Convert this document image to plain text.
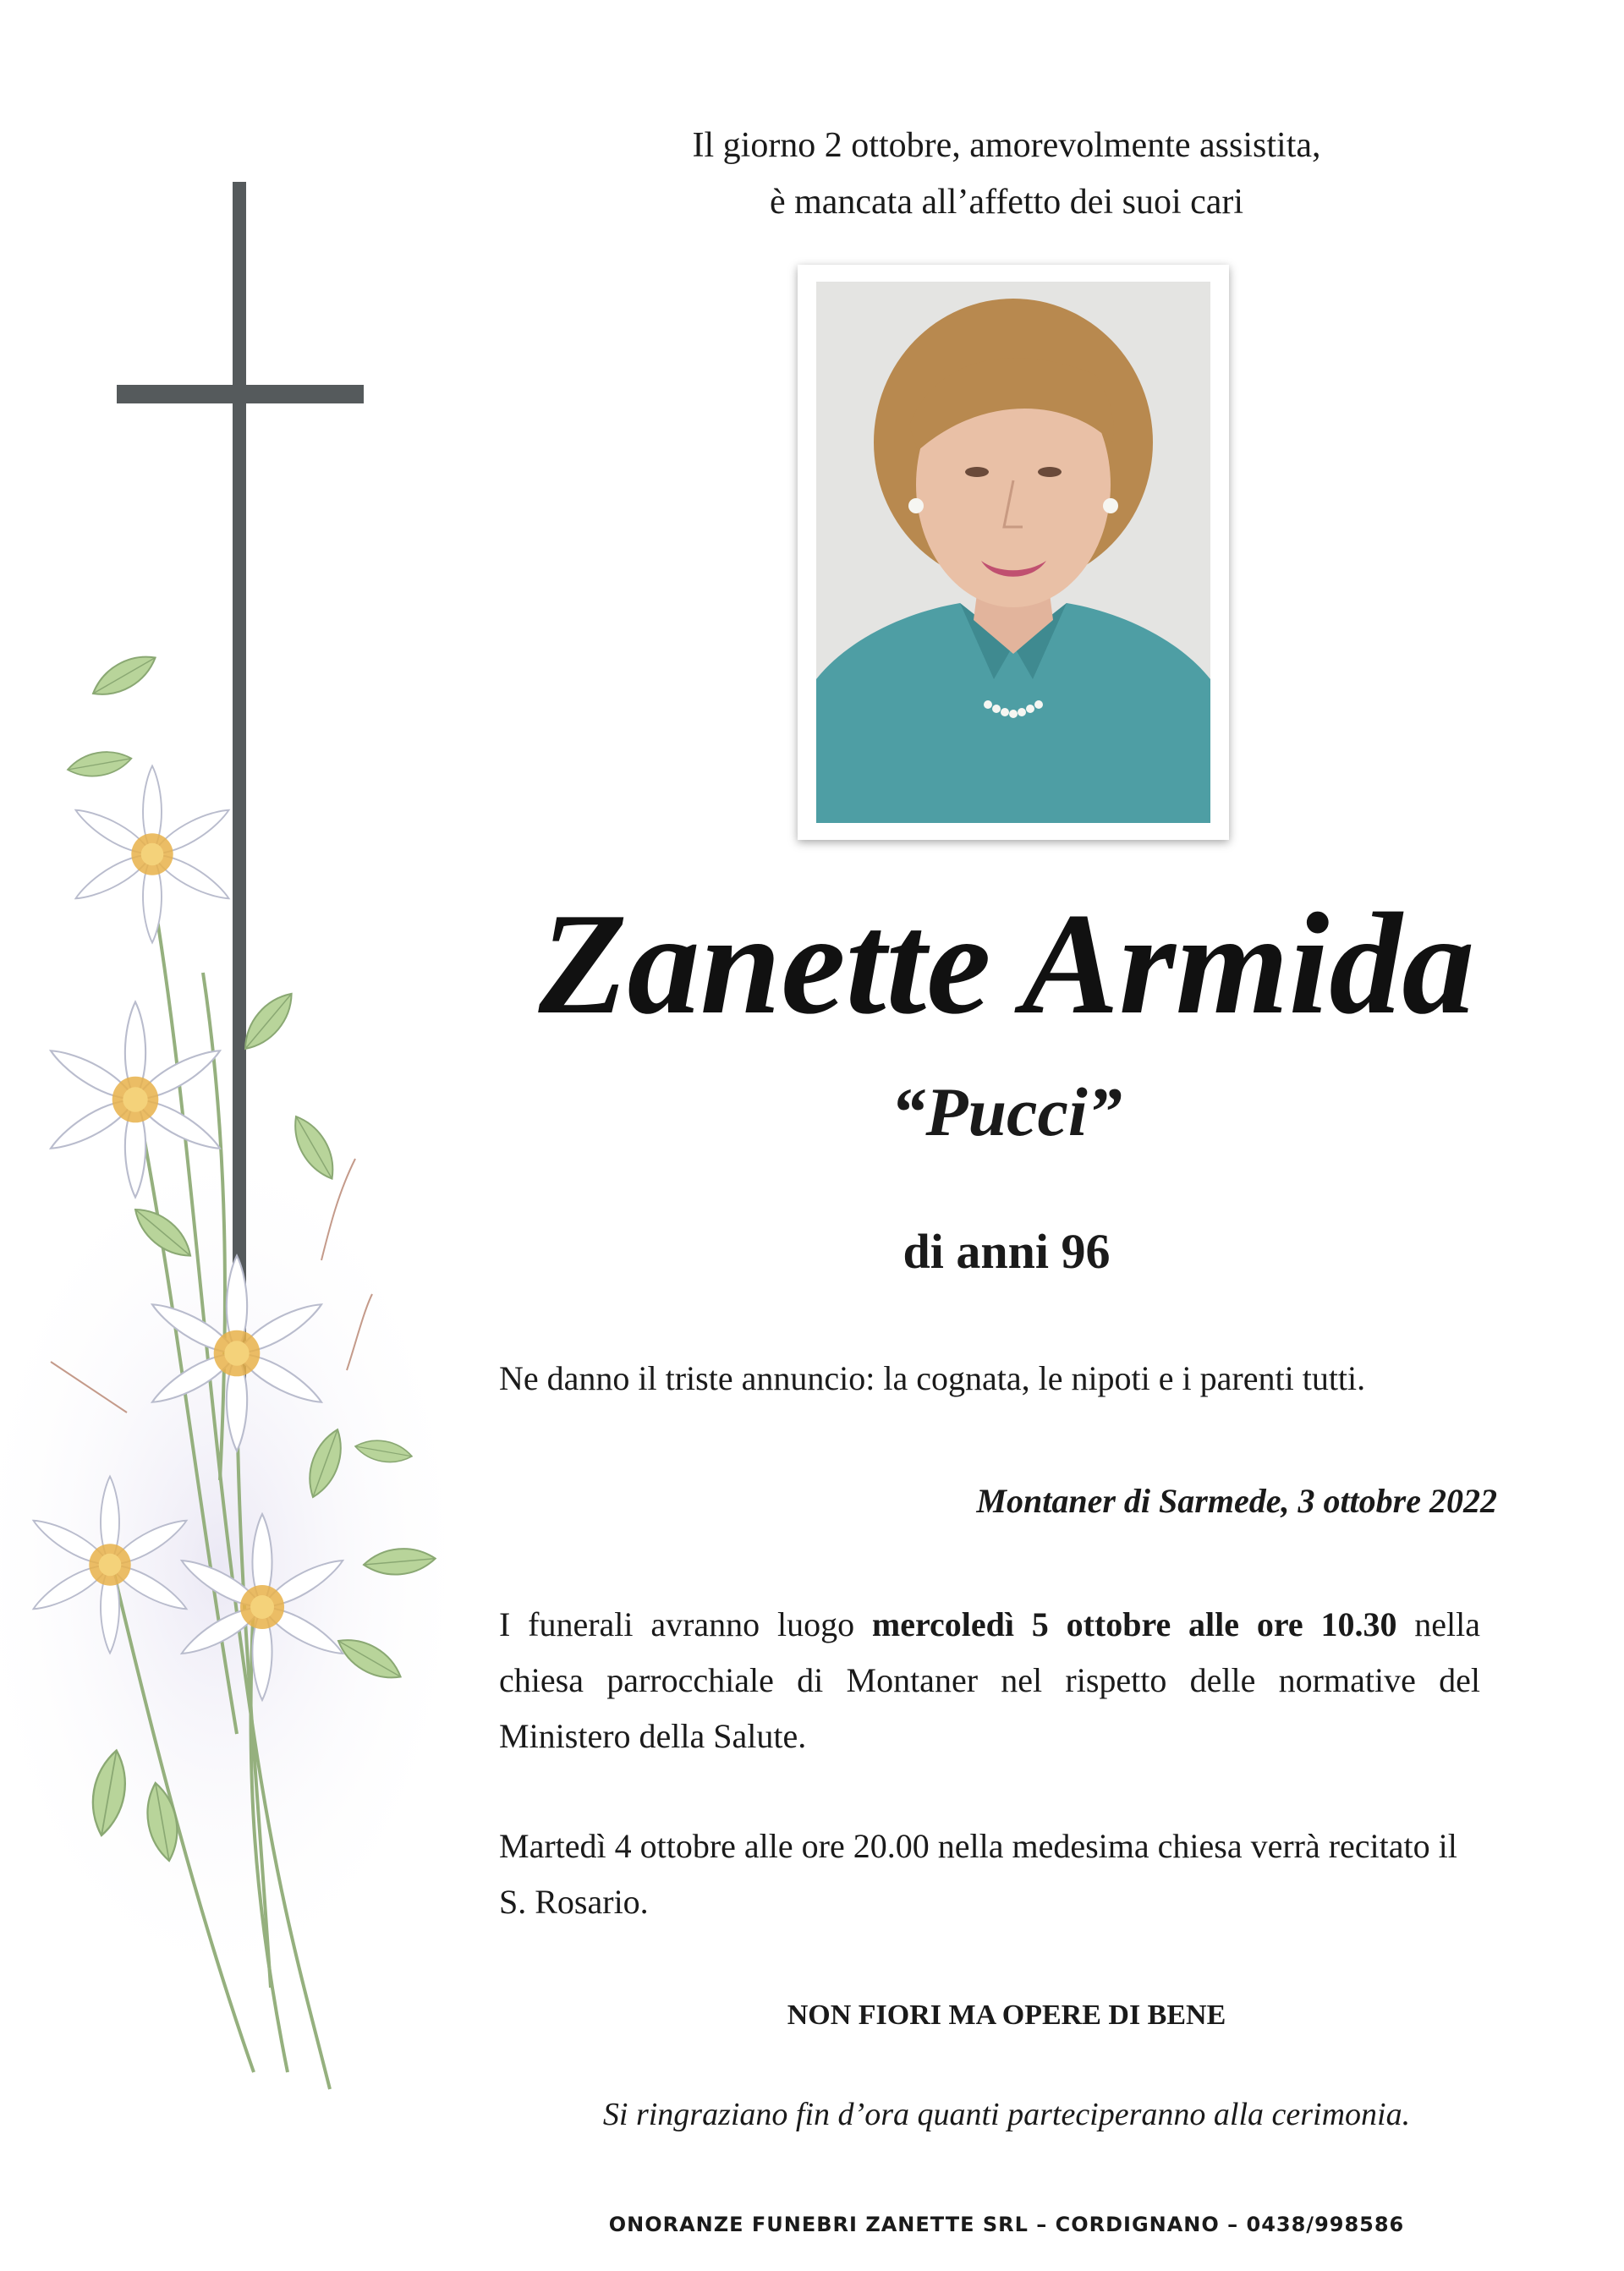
Il giorno 2 ottobre, amorevolmente assistita,
è mancata all’affetto dei suoi cari
Zanette Armida
“Pucci”
di anni 96
Ne danno il triste annuncio: la cognata, le nipoti e i parenti tutti.
Montaner di Sarmede, 3 ottobre 2022
I funerali avranno luogo mercoledì 5 ottobre alle ore 10.30 nella chiesa parrocchiale di Montaner nel rispetto delle normative del Ministero della Salute.
Martedì 4 ottobre alle ore 20.00 nella medesima chiesa verrà recitato il S. Rosario.
NON FIORI MA OPERE DI BENE
Si ringraziano fin d’ora quanti parteciperanno alla cerimonia.
ONORANZE FUNEBRI ZANETTE SRL – CORDIGNANO – 0438/998586
